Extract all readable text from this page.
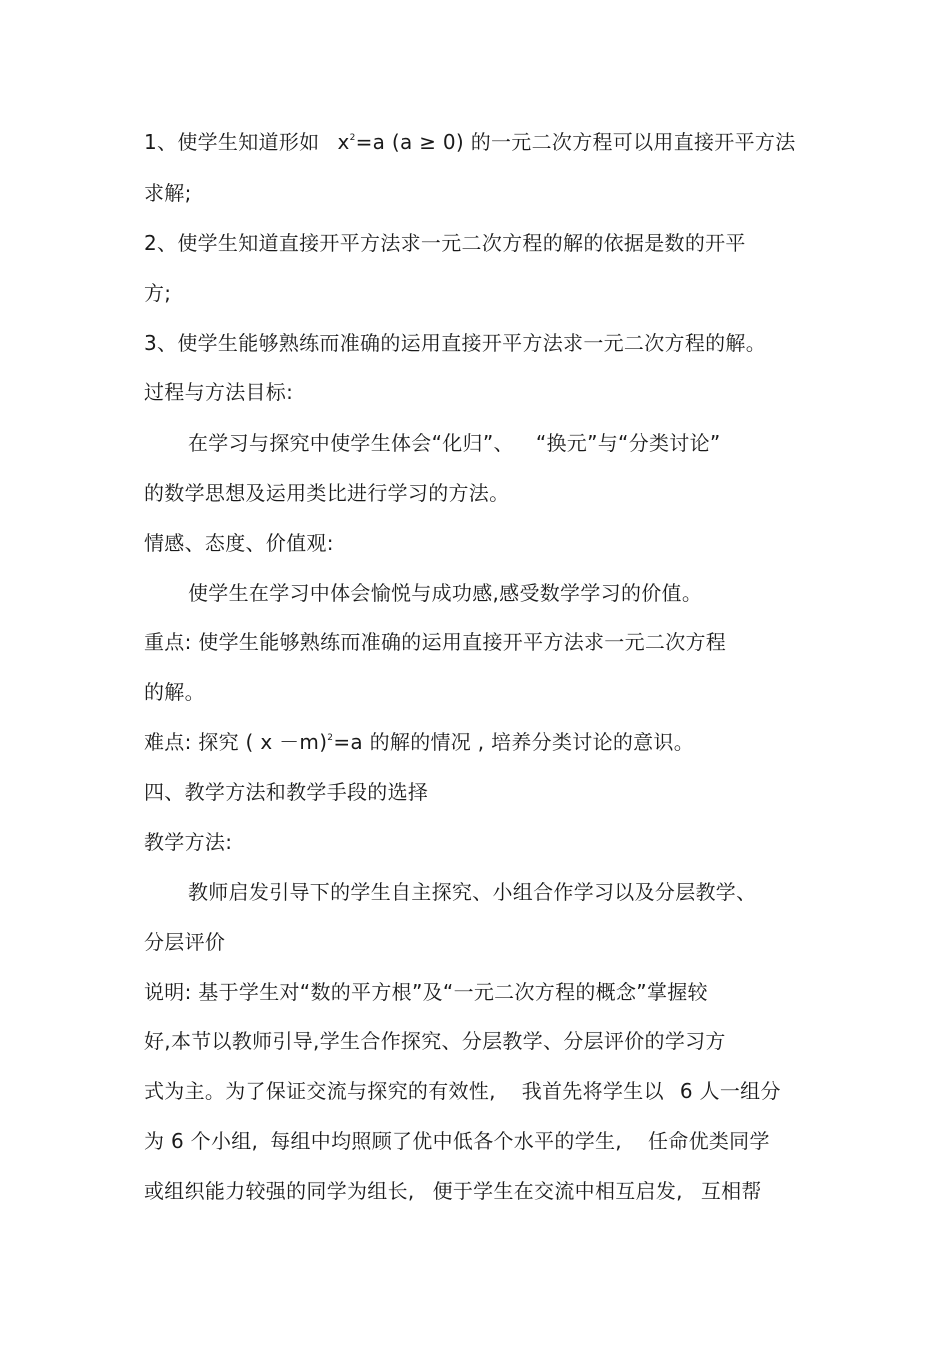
1、使学生知道形如 $x^2=a$ (a ≥ 0) 的一元二次方程可以用直接开平方法
求解;
2、使学生知道直接开平方法求一元二次方程的解的依据是数的开平
方;
3、使学生能够熟练而准确的运用直接开平方法求一元二次方程的解。
过程与方法目标:
在学习与探究中使学生体会“化归”、 “换元”与“分类讨论”
的数学思想及运用类比进行学习的方法。
情感、态度、价值观:
使学生在学习中体会愉悦与成功感,感受数学学习的价值。
重点: 使学生能够熟练而准确的运用直接开平方法求一元二次方程
的解。
难点: 探究 ( x －m)$^2$=a 的解的情况 , 培养分类讨论的意识。
四、教学方法和教学手段的选择
教学方法:
教师启发引导下的学生自主探究、小组合作学习以及分层教学、
分层评价
说明: 基于学生对“数的平方根”及“一元二次方程的概念”掌握较
好,本节以教师引导,学生合作探究、分层教学、分层评价的学习方
式为主。为了保证交流与探究的有效性, 我首先将学生以 6 人一组分
为 6 个小组, 每组中均照顾了优中低各个水平的学生, 任命优类同学
或组织能力较强的同学为组长, 便于学生在交流中相互启发, 互相帮
